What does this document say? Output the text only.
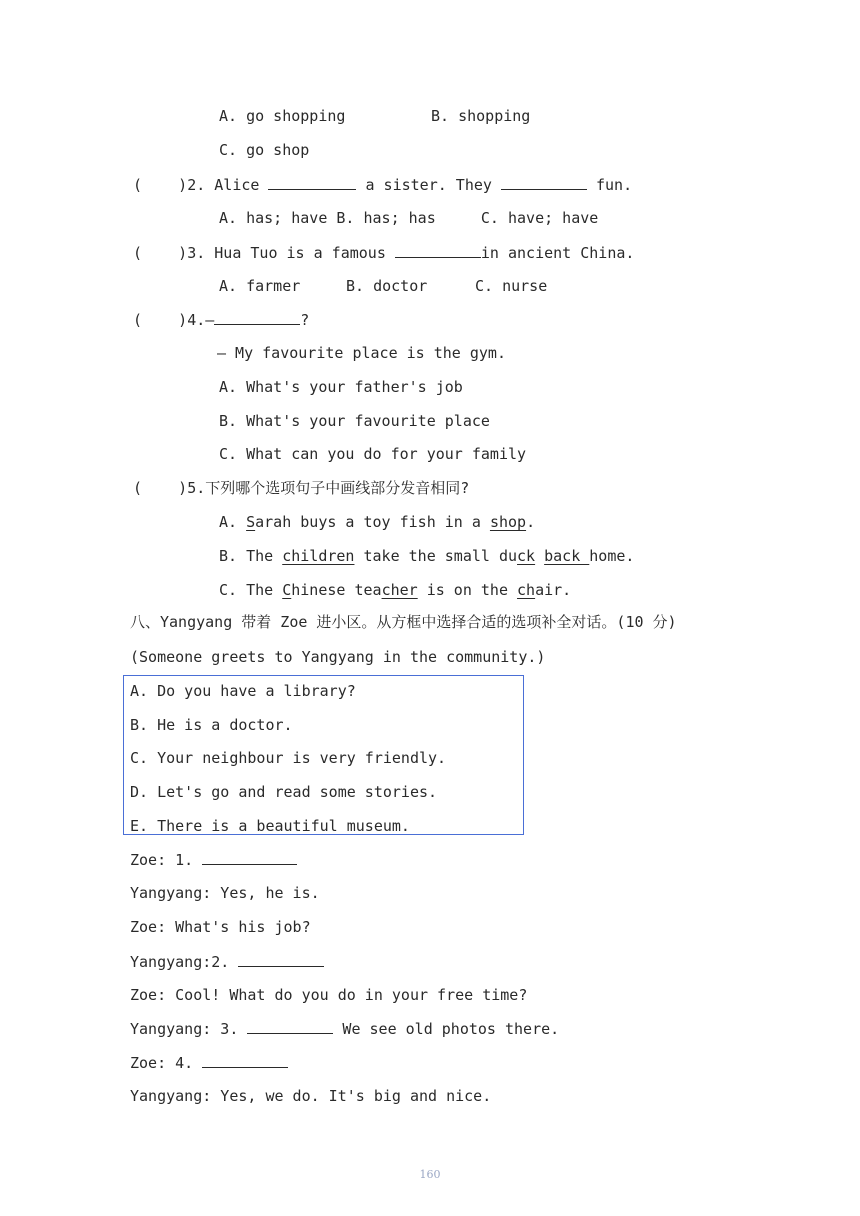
A. go shopping	B. shopping
C. go shop
(    )2. Alice	a sister. They	fun.
A. has; have B. has; has     C. have; have
(    )3. Hua Tuo is a famous	in ancient China.
A. farmer	B. doctor	C. nurse
(    )4.—	?
— My favourite place is the gym.
A. What's your father's job
B. What's your favourite place
C. What can you do for your family
(    )5.下列哪个选项句子中画线部分发音相同?
A. Sarah buys a toy fish in a shop.
B. The children take the small duck back home.
C. The Chinese teacher is on the chair.
八、Yangyang 带着 Zoe 进小区。从方框中选择合适的选项补全对话。(10 分)
(Someone greets to Yangyang in the community.)
A. Do you have a library?
B. He is a doctor.
C. Your neighbour is very friendly.
D. Let's go and read some stories.
E. There is a beautiful museum.
Zoe: 1.
Yangyang: Yes, he is.
Zoe: What's his job?
Yangyang:2.
Zoe: Cool! What do you do in your free time?
Yangyang: 3.	We see old photos there.
Zoe: 4.
Yangyang: Yes, we do. It's big and nice.
160
